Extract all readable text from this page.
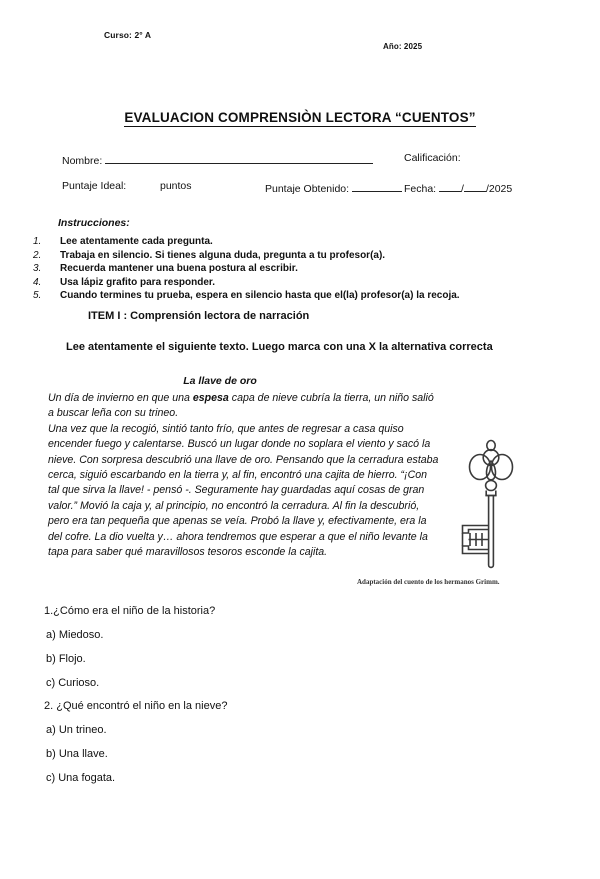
Curso: 2° A
Año: 2025
EVALUACION COMPRENSIÒN LECTORA “CUENTOS”
Nombre:	Calificación:
Puntaje Ideal:	puntos	Puntaje Obtenido:	Fecha: / /2025
Instrucciones:
1. Lee atentamente cada pregunta.
2. Trabaja en silencio. Si tienes alguna duda, pregunta a tu profesor(a).
3. Recuerda mantener una buena postura al escribir.
4. Usa lápiz grafito para responder.
5. Cuando termines tu prueba, espera en silencio hasta que el(la) profesor(a) la recoja.
ITEM I : Comprensión lectora de narración
Lee atentamente el siguiente texto. Luego marca con una X la alternativa correcta
La llave de oro

Un día de invierno en que una espesa capa de nieve cubría la tierra, un niño salió a buscar leña con su trineo.

Una vez que la recogió, sintió tanto frío, que antes de regresar a casa quiso encender fuego y calentarse. Buscó un lugar donde no soplara el viento y sacó la nieve. Con sorpresa descubrió una llave de oro. Pensando que la cerradura estaba cerca, siguió escarbando en la tierra y, al fin, encontró una cajita de hierro. “¡Con tal que sirva la llave! - pensó -. Seguramente hay guardadas aquí cosas de gran valor.” Movió la caja y, al principio, no encontró la cerradura. Al fin la descubrió, pero era tan pequeña que apenas se veía. Probó la llave y, efectivamente, era la del cofre. La dio vuelta y… ahora tendremos que esperar a que el niño levante la tapa para saber qué maravillosos tesoros esconde la cajita.

Adaptación del cuento de los hermanos Grimm.

1.¿Cómo era el niño de la historia?

a) Miedoso.
b) Flojo.
c) Curioso.

2. ¿Qué encontró el niño en la nieve?

a) Un trineo.
b) Una llave.
c) Una fogata.
